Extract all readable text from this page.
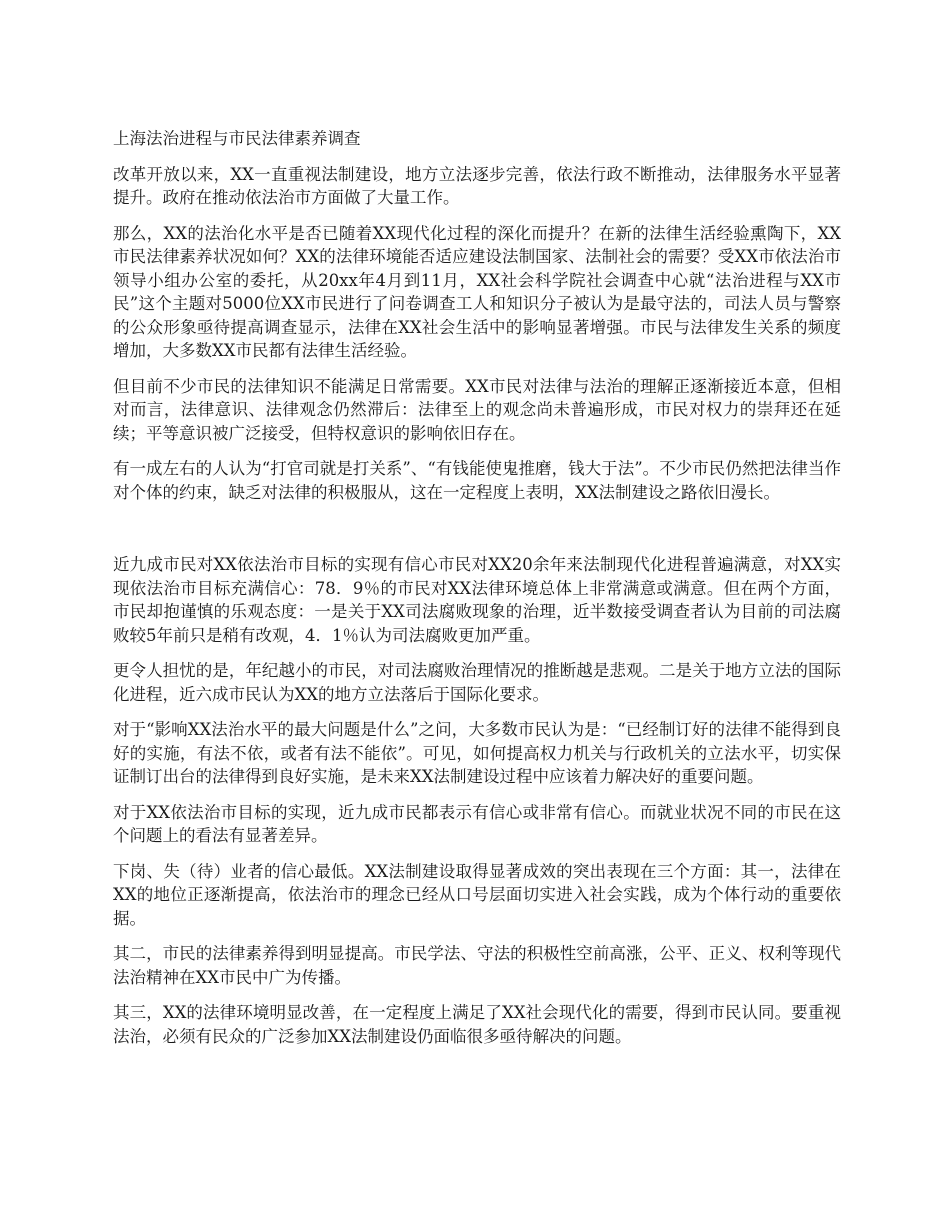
上海法治进程与市民法律素养调查

改革开放以来，XX一直重视法制建设，地方立法逐步完善，依法行政不断推动，法律服务水平显著提升。政府在推动依法治市方面做了大量工作。

那么，XX的法治化水平是否已随着XX现代化过程的深化而提升？在新的法律生活经验熏陶下，XX市民法律素养状况如何？XX的法律环境能否适应建设法制国家、法制社会的需要？受XX市依法治市领导小组办公室的委托，从20xx年4月到11月，XX社会科学院社会调查中心就“法治进程与XX市民”这个主题对5000位XX市民进行了问卷调查工人和知识分子被认为是最守法的，司法人员与警察的公众形象亟待提高调查显示，法律在XX社会生活中的影响显著增强。市民与法律发生关系的频度增加，大多数XX市民都有法律生活经验。

但目前不少市民的法律知识不能满足日常需要。XX市民对法律与法治的理解正逐渐接近本意，但相对而言，法律意识、法律观念仍然滞后：法律至上的观念尚未普遍形成，市民对权力的崇拜还在延续；平等意识被广泛接受，但特权意识的影响依旧存在。

有一成左右的人认为“打官司就是打关系”、“有钱能使鬼推磨，钱大于法”。不少市民仍然把法律当作对个体的约束，缺乏对法律的积极服从，这在一定程度上表明，XX法制建设之路依旧漫长。

近九成市民对XX依法治市目标的实现有信心市民对XX20余年来法制现代化进程普遍满意，对XX实现依法治市目标充满信心：78．9％的市民对XX法律环境总体上非常满意或满意。但在两个方面，市民却抱谨慎的乐观态度：一是关于XX司法腐败现象的治理，近半数接受调查者认为目前的司法腐败较5年前只是稍有改观，4．1％认为司法腐败更加严重。

更令人担忧的是，年纪越小的市民，对司法腐败治理情况的推断越是悲观。二是关于地方立法的国际化进程，近六成市民认为XX的地方立法落后于国际化要求。

对于“影响XX法治水平的最大问题是什么”之问，大多数市民认为是：“已经制订好的法律不能得到良好的实施，有法不依，或者有法不能依”。可见，如何提高权力机关与行政机关的立法水平，切实保证制订出台的法律得到良好实施，是未来XX法制建设过程中应该着力解决好的重要问题。

对于XX依法治市目标的实现，近九成市民都表示有信心或非常有信心。而就业状况不同的市民在这个问题上的看法有显著差异。

下岗、失（待）业者的信心最低。XX法制建设取得显著成效的突出表现在三个方面：其一，法律在XX的地位正逐渐提高，依法治市的理念已经从口号层面切实进入社会实践，成为个体行动的重要依据。

其二，市民的法律素养得到明显提高。市民学法、守法的积极性空前高涨，公平、正义、权利等现代法治精神在XX市民中广为传播。

其三，XX的法律环境明显改善，在一定程度上满足了XX社会现代化的需要，得到市民认同。要重视法治，必须有民众的广泛参加XX法制建设仍面临很多亟待解决的问题。
